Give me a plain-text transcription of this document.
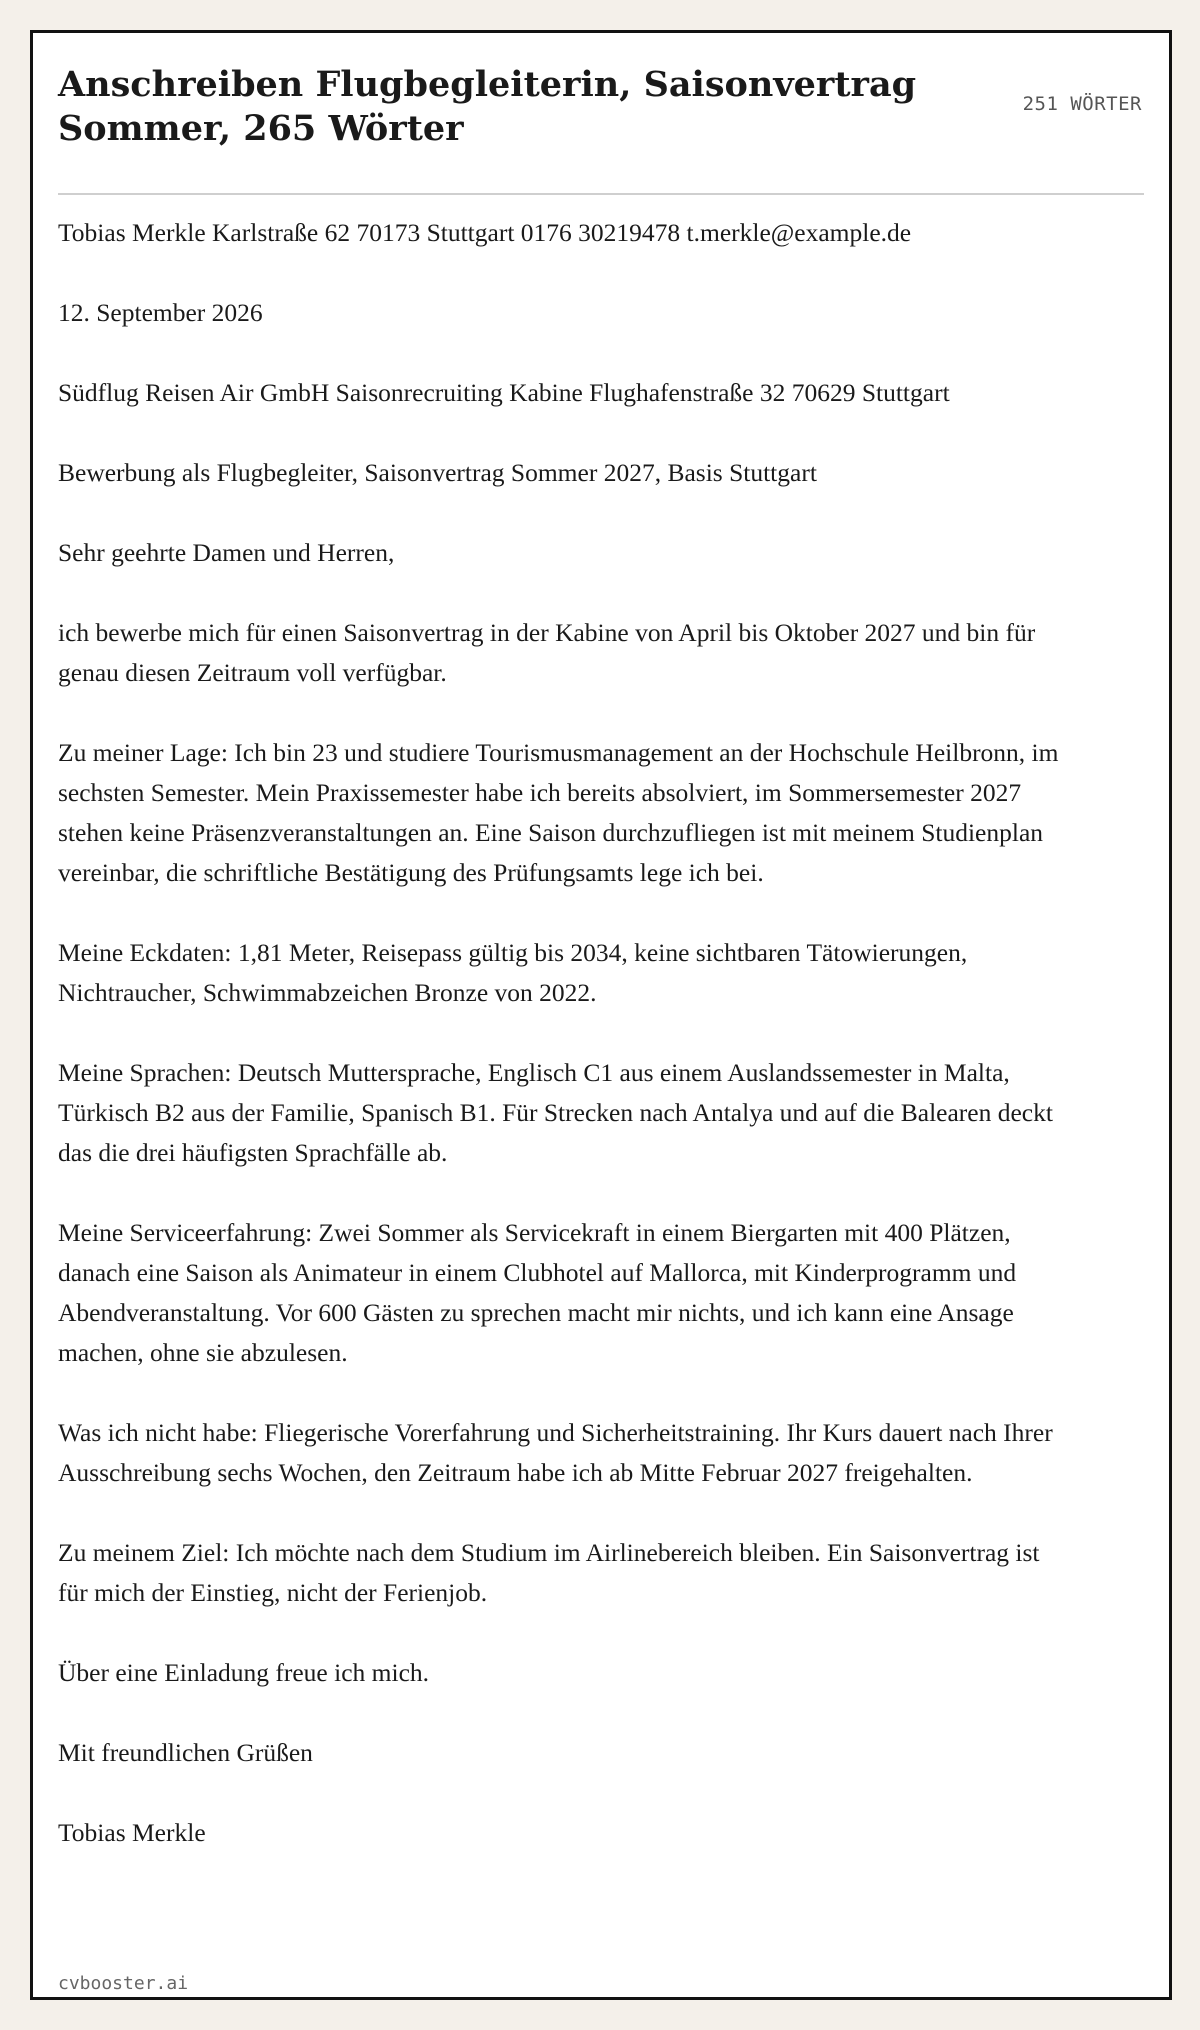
Anschreiben Flugbegleiterin, Saisonvertrag Sommer, 265 Wörter
251 WÖRTER

Tobias Merkle Karlstraße 62 70173 Stuttgart 0176 30219478 t.merkle@example.de

12. September 2026

Südflug Reisen Air GmbH Saisonrecruiting Kabine Flughafenstraße 32 70629 Stuttgart

Bewerbung als Flugbegleiter, Saisonvertrag Sommer 2027, Basis Stuttgart

Sehr geehrte Damen und Herren,

ich bewerbe mich für einen Saisonvertrag in der Kabine von April bis Oktober 2027 und bin für genau diesen Zeitraum voll verfügbar.

Zu meiner Lage: Ich bin 23 und studiere Tourismusmanagement an der Hochschule Heilbronn, im sechsten Semester. Mein Praxissemester habe ich bereits absolviert, im Sommersemester 2027 stehen keine Präsenzveranstaltungen an. Eine Saison durchzufliegen ist mit meinem Studienplan vereinbar, die schriftliche Bestätigung des Prüfungsamts lege ich bei.

Meine Eckdaten: 1,81 Meter, Reisepass gültig bis 2034, keine sichtbaren Tätowierungen, Nichtraucher, Schwimmabzeichen Bronze von 2022.

Meine Sprachen: Deutsch Muttersprache, Englisch C1 aus einem Auslandssemester in Malta, Türkisch B2 aus der Familie, Spanisch B1. Für Strecken nach Antalya und auf die Balearen deckt das die drei häufigsten Sprachfälle ab.

Meine Serviceerfahrung: Zwei Sommer als Servicekraft in einem Biergarten mit 400 Plätzen, danach eine Saison als Animateur in einem Clubhotel auf Mallorca, mit Kinderprogramm und Abendveranstaltung. Vor 600 Gästen zu sprechen macht mir nichts, und ich kann eine Ansage machen, ohne sie abzulesen.

Was ich nicht habe: Fliegerische Vorerfahrung und Sicherheitstraining. Ihr Kurs dauert nach Ihrer Ausschreibung sechs Wochen, den Zeitraum habe ich ab Mitte Februar 2027 freigehalten.

Zu meinem Ziel: Ich möchte nach dem Studium im Airlinebereich bleiben. Ein Saisonvertrag ist für mich der Einstieg, nicht der Ferienjob.

Über eine Einladung freue ich mich.

Mit freundlichen Grüßen

Tobias Merkle

cvbooster.ai
